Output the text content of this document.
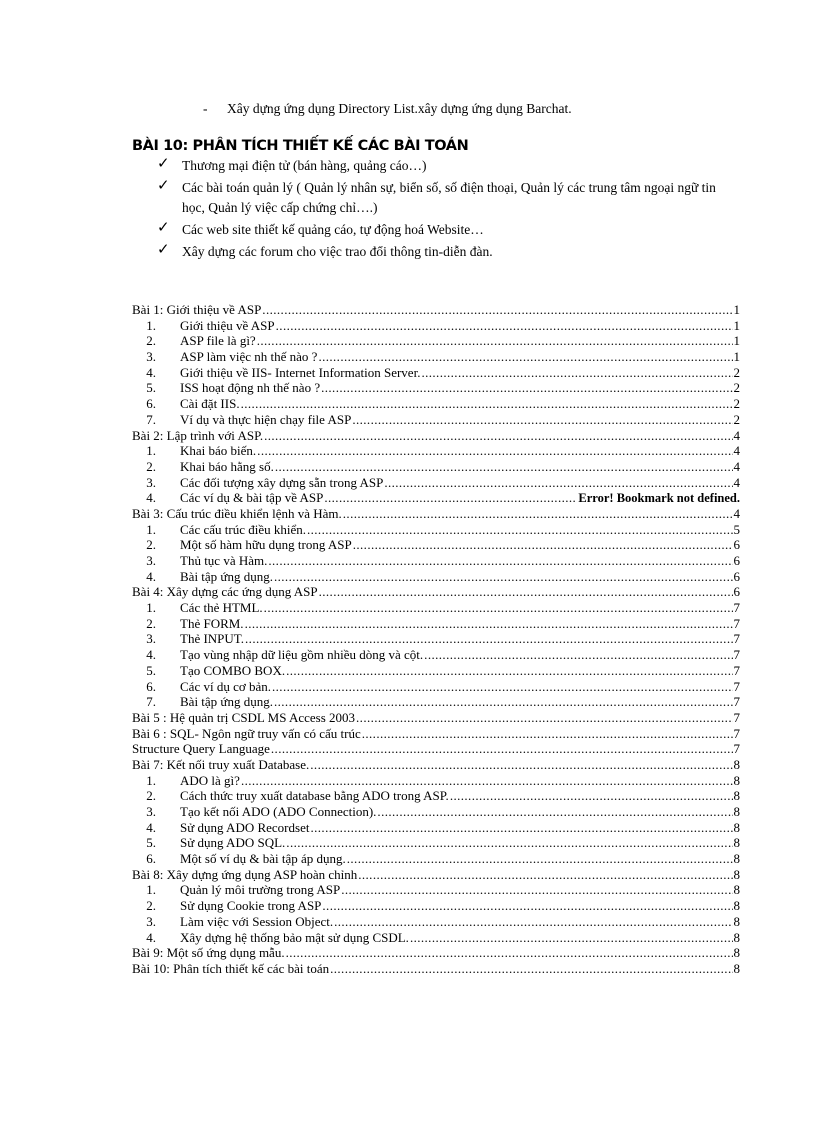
- Xây dựng ứng dụng Directory List.xây dựng ứng dụng Barchat.
BÀI 10: PHÂN TÍCH THIẾT KẾ CÁC BÀI TOÁN
✓ Thương mại điện tử (bán hàng, quảng cáo…)
✓ Các bài toán quản lý ( Quản lý nhân sự, biển số, số điện thoại, Quản lý các trung tâm ngoại ngữ tin học, Quản lý việc cấp chứng chỉ….)
✓ Các web site thiết kế quảng cáo, tự động hoá Website…
✓ Xây dựng các forum cho việc trao đổi thông tin-diễn đàn.
Bài 1: Giới thiệu về ASP .....	1
1.	Giới thiệu về ASP .....	1
2.	ASP file là gì? .....	1
3.	ASP làm việc nh thế nào ? .....	1
4.	Giới thiệu về IIS- Internet Information Server. .....	2
5.	ISS hoạt động nh thế nào ? .....	2
6.	Cài đặt IIS. .....	2
7.	Ví dụ và thực hiện chạy file ASP .....	2
Bài 2: Lập trình với ASP. .....	4
1.	Khai báo biến. .....	4
2.	Khai báo hằng số. .....	4
3.	Các đối tượng xây dựng sẵn trong ASP .....	4
4.	Các ví dụ & bài tập về ASP .....	Error! Bookmark not defined.
Bài 3: Cấu trúc điều khiển lệnh và Hàm. .....	4
1.	Các cấu trúc điều khiển. .....	5
2.	Một số hàm hữu dụng trong ASP .....	6
3.	Thủ tục và Hàm. .....	6
4.	Bài tập ứng dụng. .....	6
Bài 4: Xây dựng các ứng dụng ASP .....	6
1.	Các thẻ HTML. .....	7
2.	Thẻ FORM. .....	7
3.	Thẻ INPUT. .....	7
4.	Tạo vùng nhập dữ liệu gồm nhiều dòng và cột. .....	7
5.	Tạo COMBO BOX. .....	7
6.	Các ví dụ cơ bản. .....	7
7.	Bài tập ứng dụng. .....	7
Bài 5 : Hệ quản trị CSDL MS Access 2003 .....	7
Bài 6 : SQL- Ngôn ngữ truy vấn có cấu trúc .....	7
Structure Query Language .....	7
Bài 7: Kết nối truy xuất Database. .....	8
1.	ADO là gì? .....	8
2.	Cách thức truy xuất database bằng ADO trong ASP. .....	8
3.	Tạo kết nối ADO (ADO Connection). .....	8
4.	Sử dụng ADO Recordset .....	8
5.	Sử dụng ADO SQL. .....	8
6.	Một số ví dụ & bài tập áp dụng. .....	8
Bài 8: Xây dựng ứng dụng ASP hoàn chỉnh .....	8
1.	Quản lý môi trường trong ASP .....	8
2.	Sử dụng Cookie trong ASP .....	8
3.	Làm việc với Session Object. .....	8
4.	Xây dựng hệ thống bảo mật sử dụng CSDL. .....	8
Bài 9: Một số ứng dụng mẫu. .....	8
Bài 10: Phân tích thiết kế các bài toán .....	8
